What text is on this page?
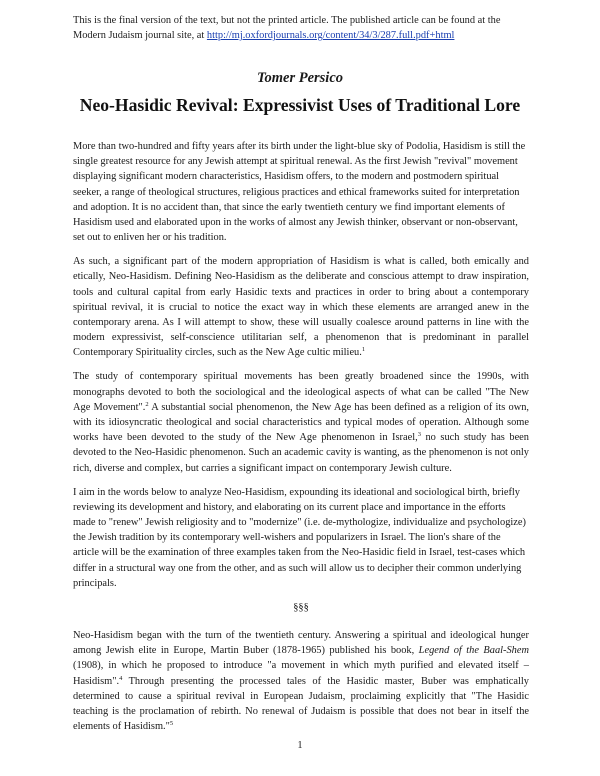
This is the final version of the text, but not the printed article. The published article can be found at the
Modern Judaism journal site, at http://mj.oxfordjournals.org/content/34/3/287.full.pdf+html
Tomer Persico
Neo-Hasidic Revival: Expressivist Uses of Traditional Lore

More than two-hundred and fifty years after its birth under the light-blue sky of Podolia, Hasidism is still the single greatest resource for any Jewish attempt at spiritual renewal. As the first Jewish "revival" movement displaying significant modern characteristics, Hasidism offers, to the modern and postmodern spiritual seeker, a range of theological structures, religious practices and ethical frameworks suited for interpretation and adoption. It is no accident than, that since the early twentieth century we find important elements of Hasidism used and elaborated upon in the works of almost any Jewish thinker, observant or non-observant, set out to enliven her or his tradition.

As such, a significant part of the modern appropriation of Hasidism is what is called, both emically and etically, Neo-Hasidism. Defining Neo-Hasidism as the deliberate and conscious attempt to draw inspiration, tools and cultural capital from early Hasidic texts and practices in order to bring about a contemporary spiritual revival, it is crucial to notice the exact way in which these elements are arranged anew in the contemporary arena. As I will attempt to show, these will usually coalesce around patterns in line with the modern expressivist, self-conscience utilitarian self, a phenomenon that is predominant in parallel Contemporary Spirituality circles, such as the New Age cultic milieu.$^1$

The study of contemporary spiritual movements has been greatly broadened since the 1990s, with monographs devoted to both the sociological and the ideological aspects of what can be called "The New Age Movement".$^2$ A substantial social phenomenon, the New Age has been defined as a religion of its own, with its idiosyncratic theological and social characteristics and typical modes of operation. Although some works have been devoted to the study of the New Age phenomenon in Israel,$^3$ no such study has been devoted to the Neo-Hasidic phenomenon. Such an academic cavity is wanting, as the phenomenon is not only rich, diverse and complex, but carries a significant impact on contemporary Jewish culture.

I aim in the words below to analyze Neo-Hasidism, expounding its ideational and sociological birth, briefly reviewing its development and history, and elaborating on its current place and importance in the efforts made to "renew" Jewish religiosity and to "modernize" (i.e. de-mythologize, individualize and psychologize) the Jewish tradition by its contemporary well-wishers and popularizers in Israel. The lion's share of the article will be the examination of three examples taken from the Neo-Hasidic field in Israel, test-cases which differ in a structural way one from the other, and as such will allow us to decipher their common underlying principals.

§§§

Neo-Hasidism began with the turn of the twentieth century. Answering a spiritual and ideological hunger among Jewish elite in Europe, Martin Buber (1878-1965) published his book, Legend of the Baal-Shem (1908), in which he proposed to introduce "a movement in which myth purified and elevated itself – Hasidism".$^4$ Through presenting the processed tales of the Hasidic master, Buber was emphatically determined to cause a spiritual revival in European Judaism, proclaiming explicitly that "The Hasidic teaching is the proclamation of rebirth. No renewal of Judaism is possible that does not bear in itself the elements of Hasidism."$^5$

1
